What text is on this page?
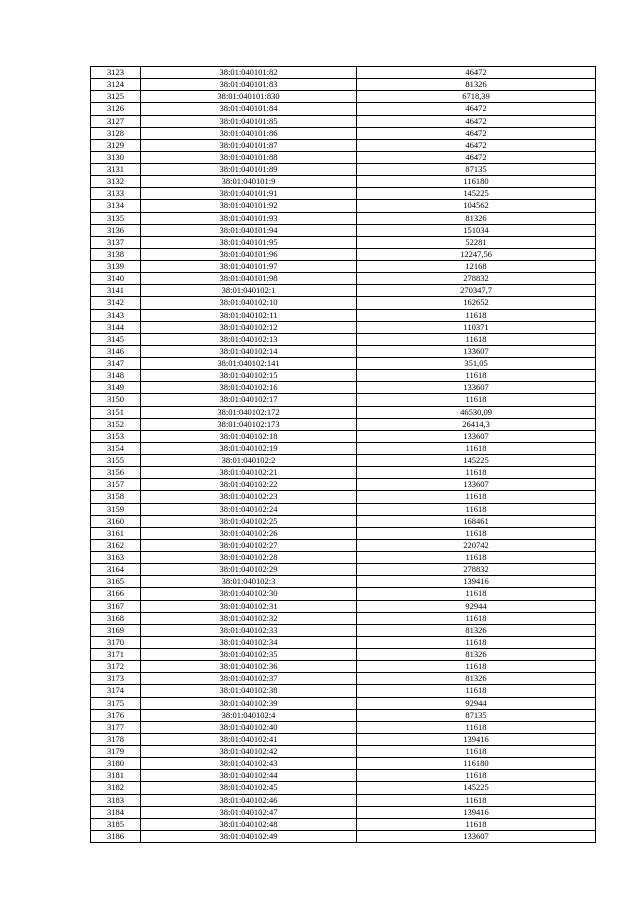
3123	38:01:040101:82	46472
3124	38:01:040101:83	81326
3125	38:01:040101:830	6718,39
3126	38:01:040101:84	46472
3127	38:01:040101:85	46472
3128	38:01:040101:86	46472
3129	38:01:040101:87	46472
3130	38:01:040101:88	46472
3131	38:01:040101:89	87135
3132	38:01:040101:9	116180
3133	38:01:040101:91	145225
3134	38:01:040101:92	104562
3135	38:01:040101:93	81326
3136	38:01:040101:94	151034
3137	38:01:040101:95	52281
3138	38:01:040101:96	12247,56
3139	38:01:040101:97	12168
3140	38:01:040101:98	278832
3141	38:01:040102:1	270347,7
3142	38:01:040102:10	162652
3143	38:01:040102:11	11618
3144	38:01:040102:12	110371
3145	38:01:040102:13	11618
3146	38:01:040102:14	133607
3147	38:01:040102:141	351,05
3148	38:01:040102:15	11618
3149	38:01:040102:16	133607
3150	38:01:040102:17	11618
3151	38:01:040102:172	46530,09
3152	38:01:040102:173	26414,3
3153	38:01:040102:18	133607
3154	38:01:040102:19	11618
3155	38:01:040102:2	145225
3156	38:01:040102:21	11618
3157	38:01:040102:22	133607
3158	38:01:040102:23	11618
3159	38:01:040102:24	11618
3160	38:01:040102:25	168461
3161	38:01:040102:26	11618
3162	38:01:040102:27	220742
3163	38:01:040102:28	11618
3164	38:01:040102:29	278832
3165	38:01:040102:3	139416
3166	38:01:040102:30	11618
3167	38:01:040102:31	92944
3168	38:01:040102:32	11618
3169	38:01:040102:33	81326
3170	38:01:040102:34	11618
3171	38:01:040102:35	81326
3172	38:01:040102:36	11618
3173	38:01:040102:37	81326
3174	38:01:040102:38	11618
3175	38:01:040102:39	92944
3176	38:01:040102:4	87135
3177	38:01:040102:40	11618
3178	38:01:040102:41	139416
3179	38:01:040102:42	11618
3180	38:01:040102:43	116180
3181	38:01:040102:44	11618
3182	38:01:040102:45	145225
3183	38:01:040102:46	11618
3184	38:01:040102:47	139416
3185	38:01:040102:48	11618
3186	38:01:040102:49	133607
